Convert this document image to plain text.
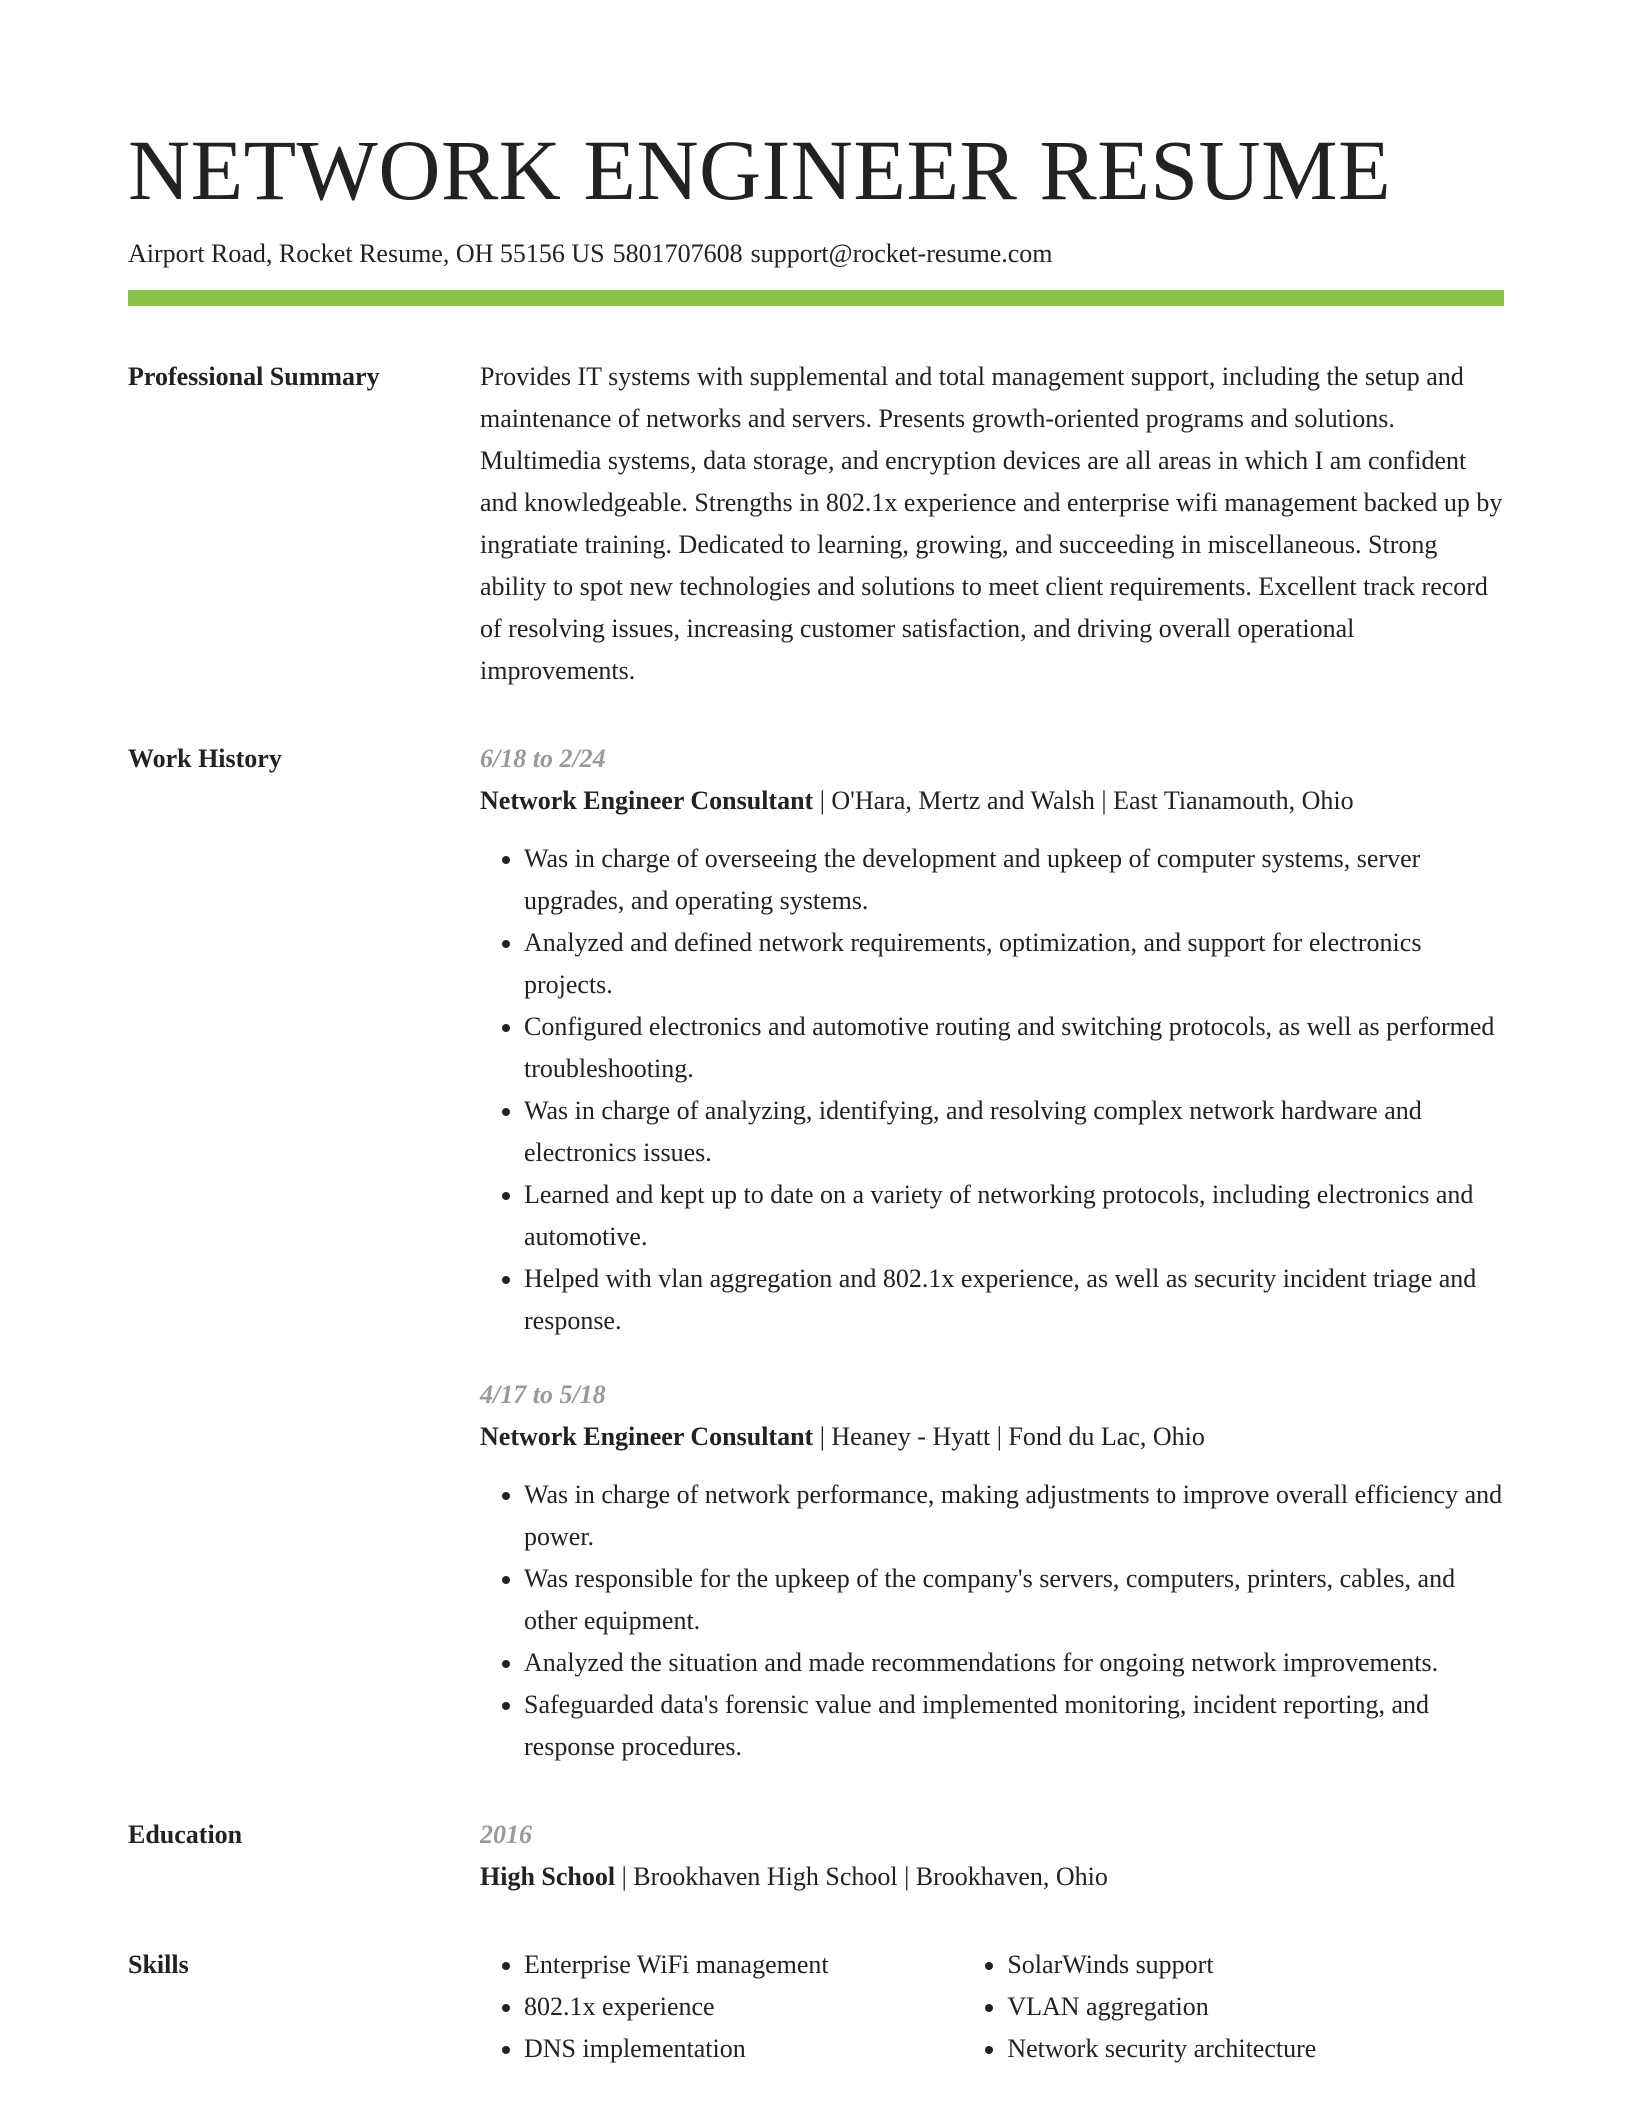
NETWORK ENGINEER RESUME
Airport Road, Rocket Resume, OH 55156 US 5801707608 support@rocket-resume.com
Professional Summary	Provides IT systems with supplemental and total management support, including the setup and maintenance of networks and servers. Presents growth-oriented programs and solutions. Multimedia systems, data storage, and encryption devices are all areas in which I am confident and knowledgeable. Strengths in 802.1x experience and enterprise wifi management backed up by ingratiate training. Dedicated to learning, growing, and succeeding in miscellaneous. Strong ability to spot new technologies and solutions to meet client requirements. Excellent track record of resolving issues, increasing customer satisfaction, and driving overall operational improvements.
Work History	6/18 to 2/24
Network Engineer Consultant | O'Hara, Mertz and Walsh | East Tianamouth, Ohio
• Was in charge of overseeing the development and upkeep of computer systems, server upgrades, and operating systems.
• Analyzed and defined network requirements, optimization, and support for electronics projects.
• Configured electronics and automotive routing and switching protocols, as well as performed troubleshooting.
• Was in charge of analyzing, identifying, and resolving complex network hardware and electronics issues.
• Learned and kept up to date on a variety of networking protocols, including electronics and automotive.
• Helped with vlan aggregation and 802.1x experience, as well as security incident triage and response.
4/17 to 5/18
Network Engineer Consultant | Heaney - Hyatt | Fond du Lac, Ohio
• Was in charge of network performance, making adjustments to improve overall efficiency and power.
• Was responsible for the upkeep of the company's servers, computers, printers, cables, and other equipment.
• Analyzed the situation and made recommendations for ongoing network improvements.
• Safeguarded data's forensic value and implemented monitoring, incident reporting, and response procedures.
Education	2016
High School | Brookhaven High School | Brookhaven, Ohio
Skills
•	Enterprise WiFi management
• 802.1x experience
• DNS implementation
• SolarWinds support
• VLAN aggregation
• Network security architecture
